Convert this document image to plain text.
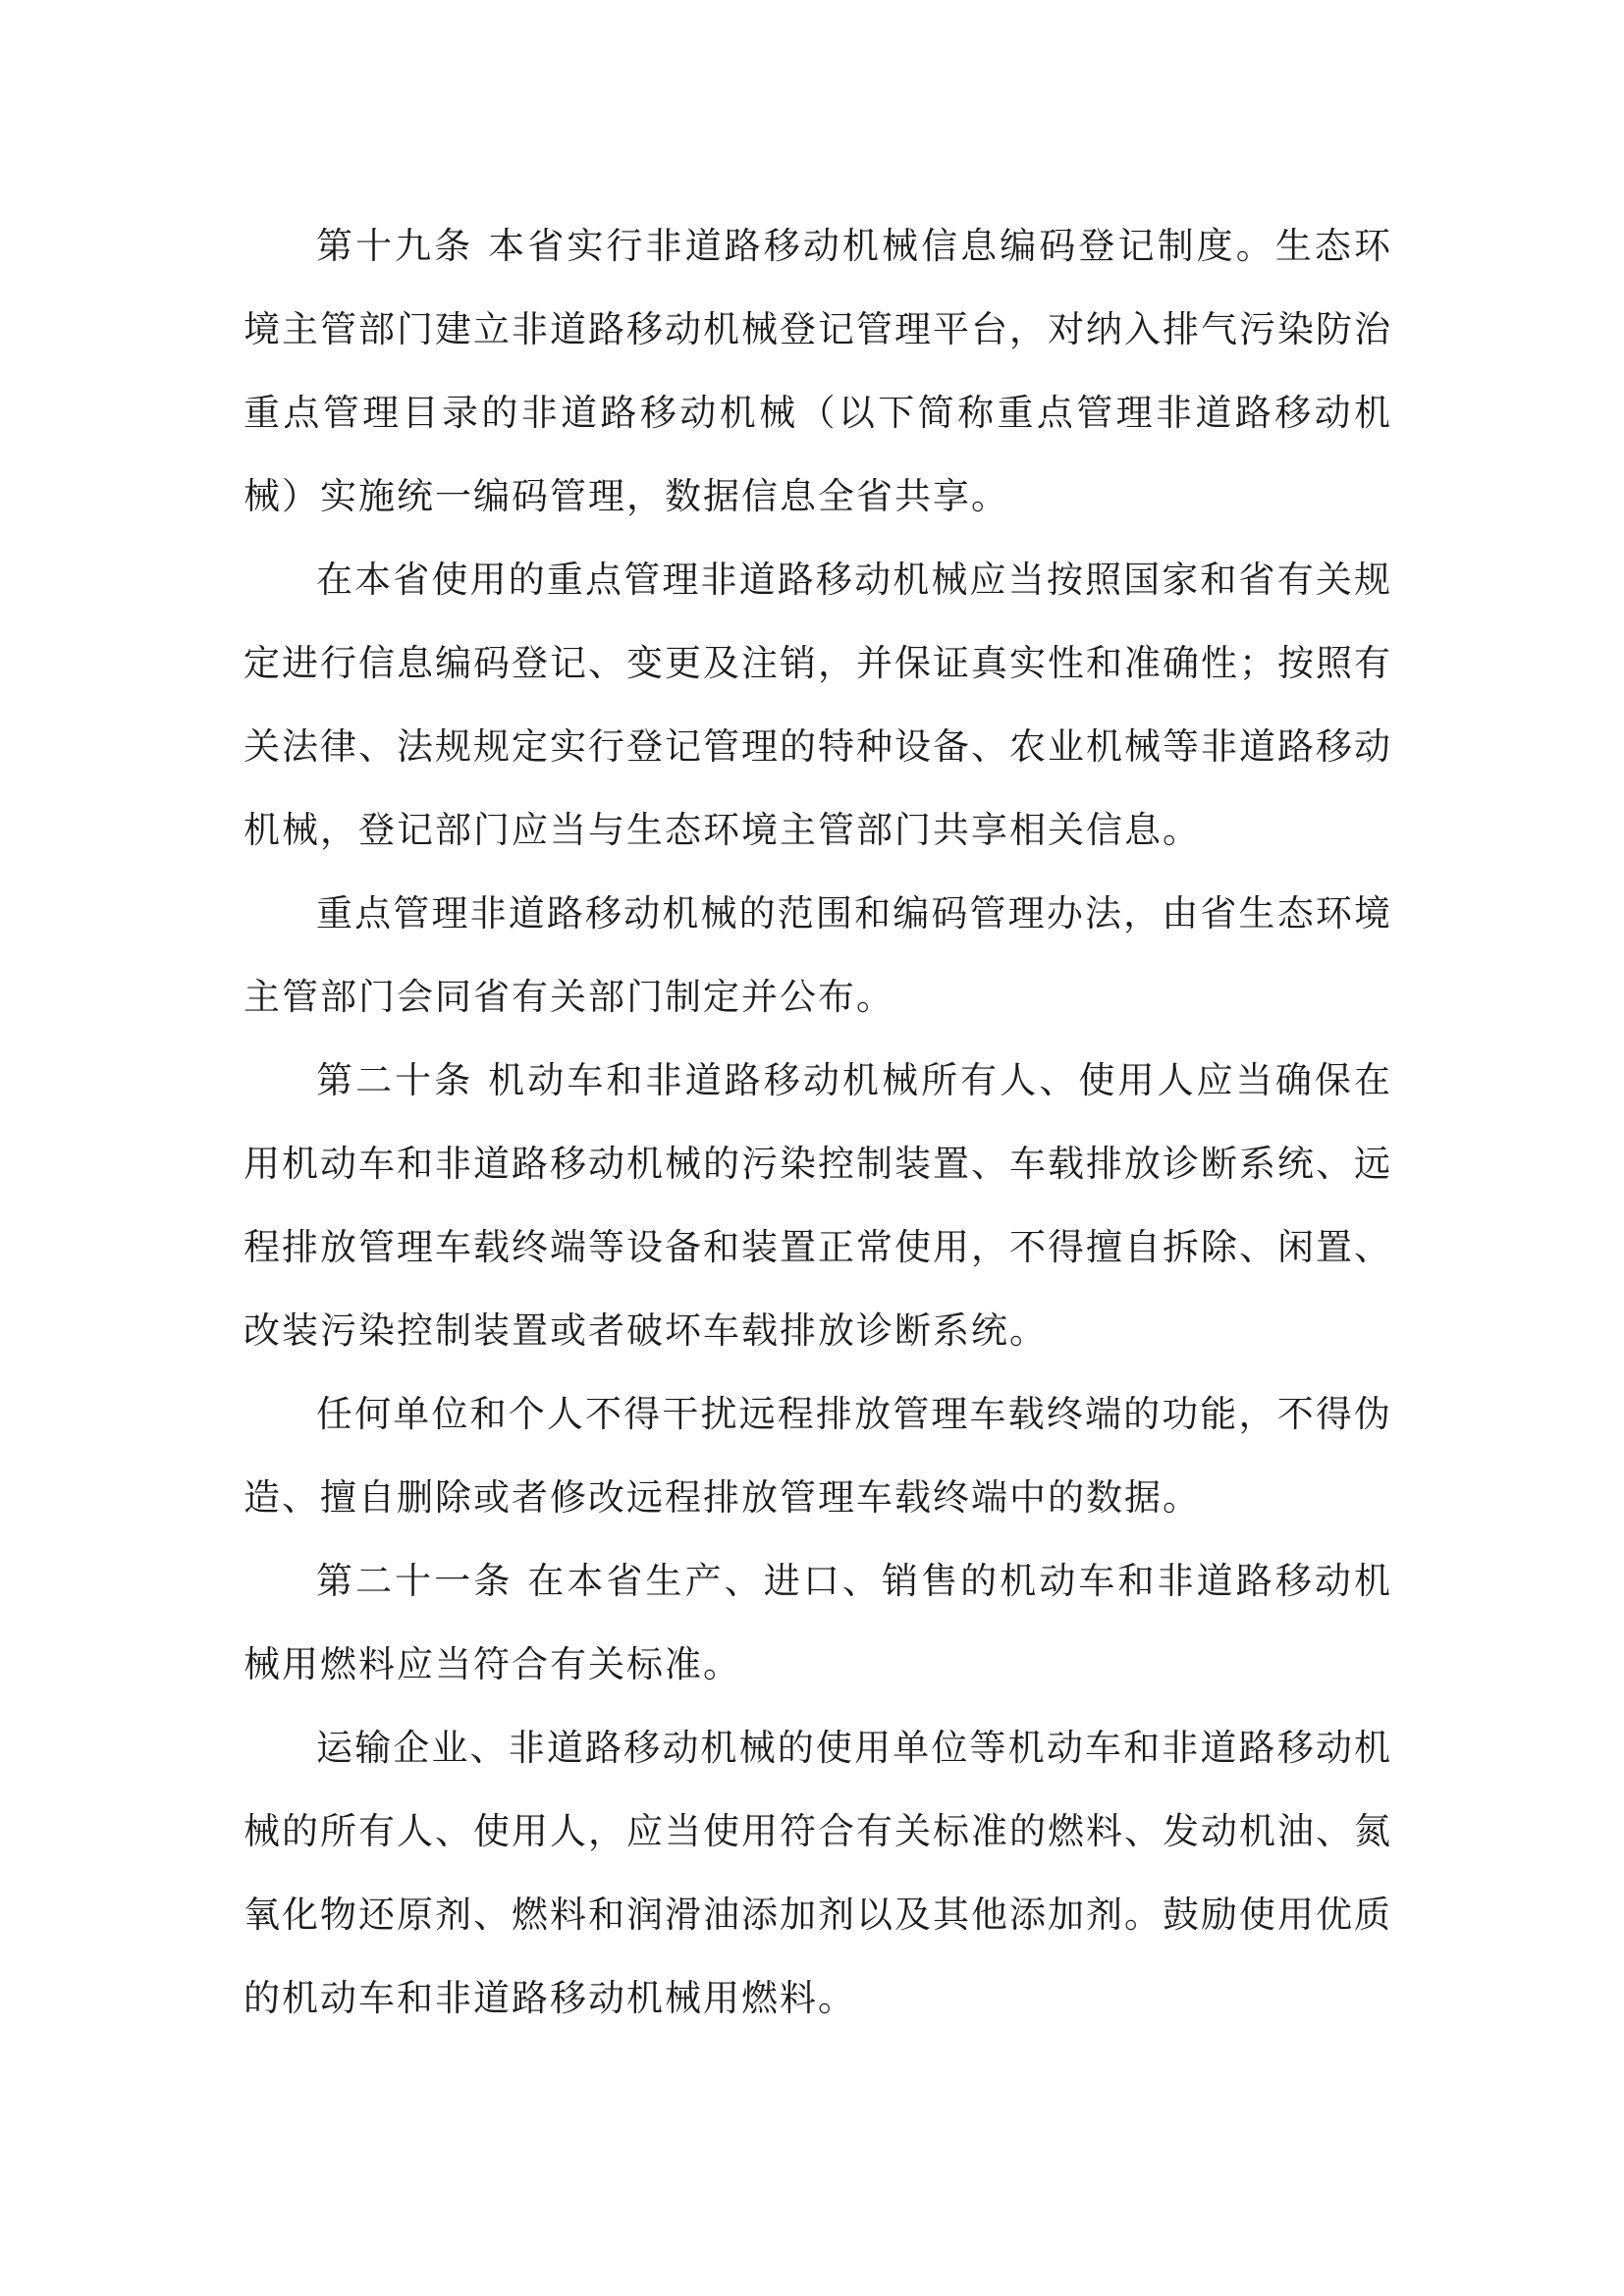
第十九条 本省实行非道路移动机械信息编码登记制度。生态环境主管部门建立非道路移动机械登记管理平台，对纳入排气污染防治重点管理目录的非道路移动机械（以下简称重点管理非道路移动机械）实施统一编码管理，数据信息全省共享。

在本省使用的重点管理非道路移动机械应当按照国家和省有关规定进行信息编码登记、变更及注销，并保证真实性和准确性；按照有关法律、法规规定实行登记管理的特种设备、农业机械等非道路移动机械，登记部门应当与生态环境主管部门共享相关信息。

重点管理非道路移动机械的范围和编码管理办法，由省生态环境主管部门会同省有关部门制定并公布。

第二十条 机动车和非道路移动机械所有人、使用人应当确保在用机动车和非道路移动机械的污染控制装置、车载排放诊断系统、远程排放管理车载终端等设备和装置正常使用，不得擅自拆除、闲置、改装污染控制装置或者破坏车载排放诊断系统。

任何单位和个人不得干扰远程排放管理车载终端的功能，不得伪造、擅自删除或者修改远程排放管理车载终端中的数据。

第二十一条 在本省生产、进口、销售的机动车和非道路移动机械用燃料应当符合有关标准。

运输企业、非道路移动机械的使用单位等机动车和非道路移动机械的所有人、使用人，应当使用符合有关标准的燃料、发动机油、氮氧化物还原剂、燃料和润滑油添加剂以及其他添加剂。鼓励使用优质的机动车和非道路移动机械用燃料。
